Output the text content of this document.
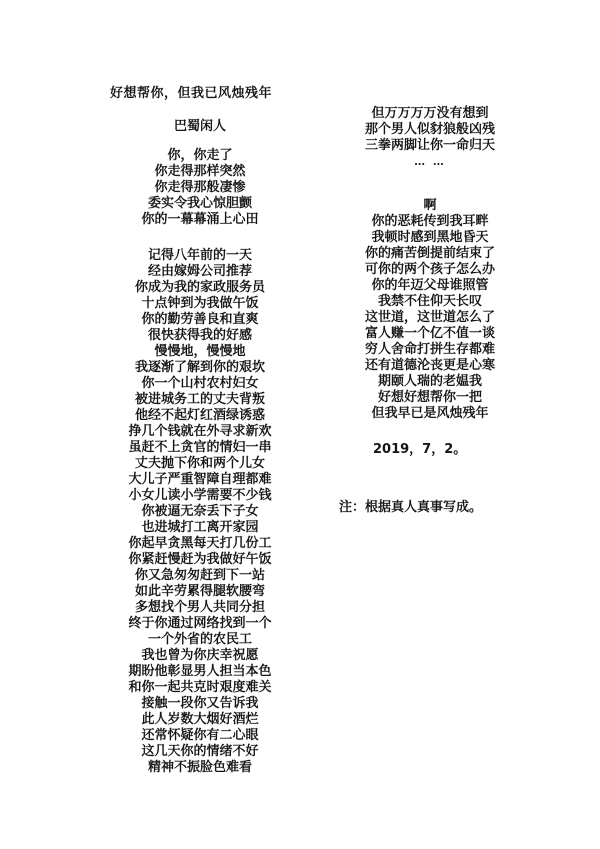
好想帮你，但我已风烛残年
巴蜀闲人
你，你走了
你走得那样突然
你走得那般凄惨
委实令我心惊胆颤
你的一幕幕涌上心田
记得八年前的一天
经由嫁姆公司推荐
你成为我的家政服务员
十点钟到为我做午饭
你的勤劳善良和直爽
很快获得我的好感
慢慢地，慢慢地
我逐渐了解到你的艰坎
你一个山村农村妇女
被进城务工的丈夫背叛
他经不起灯红酒绿诱惑
挣几个钱就在外寻求新欢
虽赶不上贪官的情妇一串
丈夫抛下你和两个儿女
大儿子严重智障自理都难
小女儿读小学需要不少钱
你被逼无奈丢下子女
也进城打工离开家园
你起早贪黑每天打几份工
你紧赶慢赶为我做好午饭
你又急匆匆赶到下一站
如此辛劳累得腿软腰弯
多想找个男人共同分担
终于你通过网络找到一个
一个外省的农民工
我也曾为你庆幸祝愿
期盼他彰显男人担当本色
和你一起共克时艰度难关
接触一段你又告诉我
此人岁数大烟好酒烂
还常怀疑你有二心眼
这几天你的情绪不好
精神不振脸色难看
但万万万万没有想到
那个男人似豺狼般凶残
三拳两脚让你一命归天
… …
啊
你的恶耗传到我耳畔
我顿时感到黑地昏天
你的痛苦倒提前结束了
可你的两个孩子怎么办
你的年迈父母谁照管
我禁不住仰天长叹
这世道，这世道怎么了
富人赚一个亿不值一谈
穷人舍命打拼生存都难
还有道德沦丧更是心寒
期颐人瑞的老媪我
好想好想帮你一把
但我早已是风烛残年
2019，7，2。
注：根据真人真事写成。
